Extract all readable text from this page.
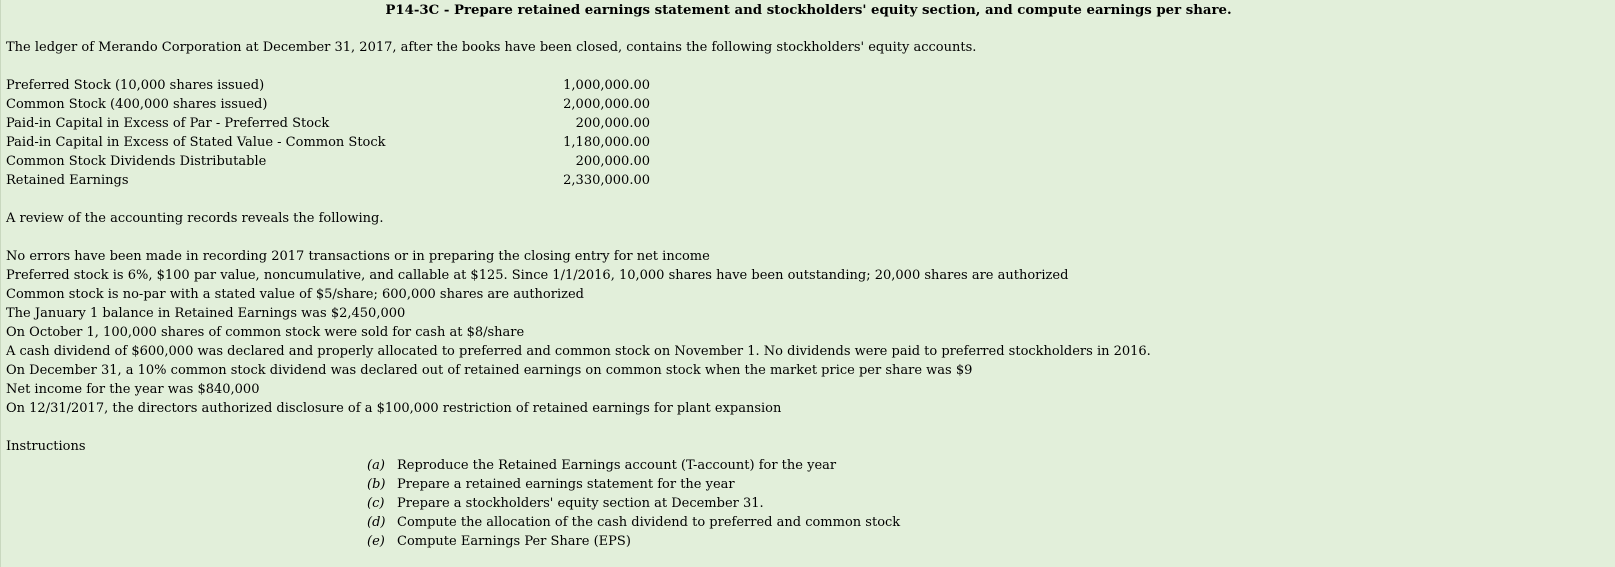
P14-3C - Prepare retained earnings statement and stockholders' equity section, and compute earnings per share.
The ledger of Merando Corporation at December 31, 2017, after the books have been closed, contains the following stockholders' equity accounts.
Preferred Stock (10,000 shares issued)	1,000,000.00
Common Stock (400,000 shares issued)	2,000,000.00
Paid-in Capital in Excess of Par - Preferred Stock	200,000.00
Paid-in Capital in Excess of Stated Value - Common Stock	1,180,000.00
Common Stock Dividends Distributable	200,000.00
Retained Earnings	2,330,000.00
A review of the accounting records reveals the following.
No errors have been made in recording 2017 transactions or in preparing the closing entry for net income
Preferred stock is 6%, $100 par value, noncumulative, and callable at $125. Since 1/1/2016, 10,000 shares have been outstanding; 20,000 shares are authorized
Common stock is no-par with a stated value of $5/share; 600,000 shares are authorized
The January 1 balance in Retained Earnings was $2,450,000
On October 1, 100,000 shares of common stock were sold for cash at $8/share
A cash dividend of $600,000 was declared and properly allocated to preferred and common stock on November 1. No dividends were paid to preferred stockholders in 2016.
On December 31, a 10% common stock dividend was declared out of retained earnings on common stock when the market price per share was $9
Net income for the year was $840,000
On 12/31/2017, the directors authorized disclosure of a $100,000 restriction of retained earnings for plant expansion
Instructions
(a) Reproduce the Retained Earnings account (T-account) for the year
(b) Prepare a retained earnings statement for the year
(c) Prepare a stockholders' equity section at December 31.
(d) Compute the allocation of the cash dividend to preferred and common stock
(e) Compute Earnings Per Share (EPS)
